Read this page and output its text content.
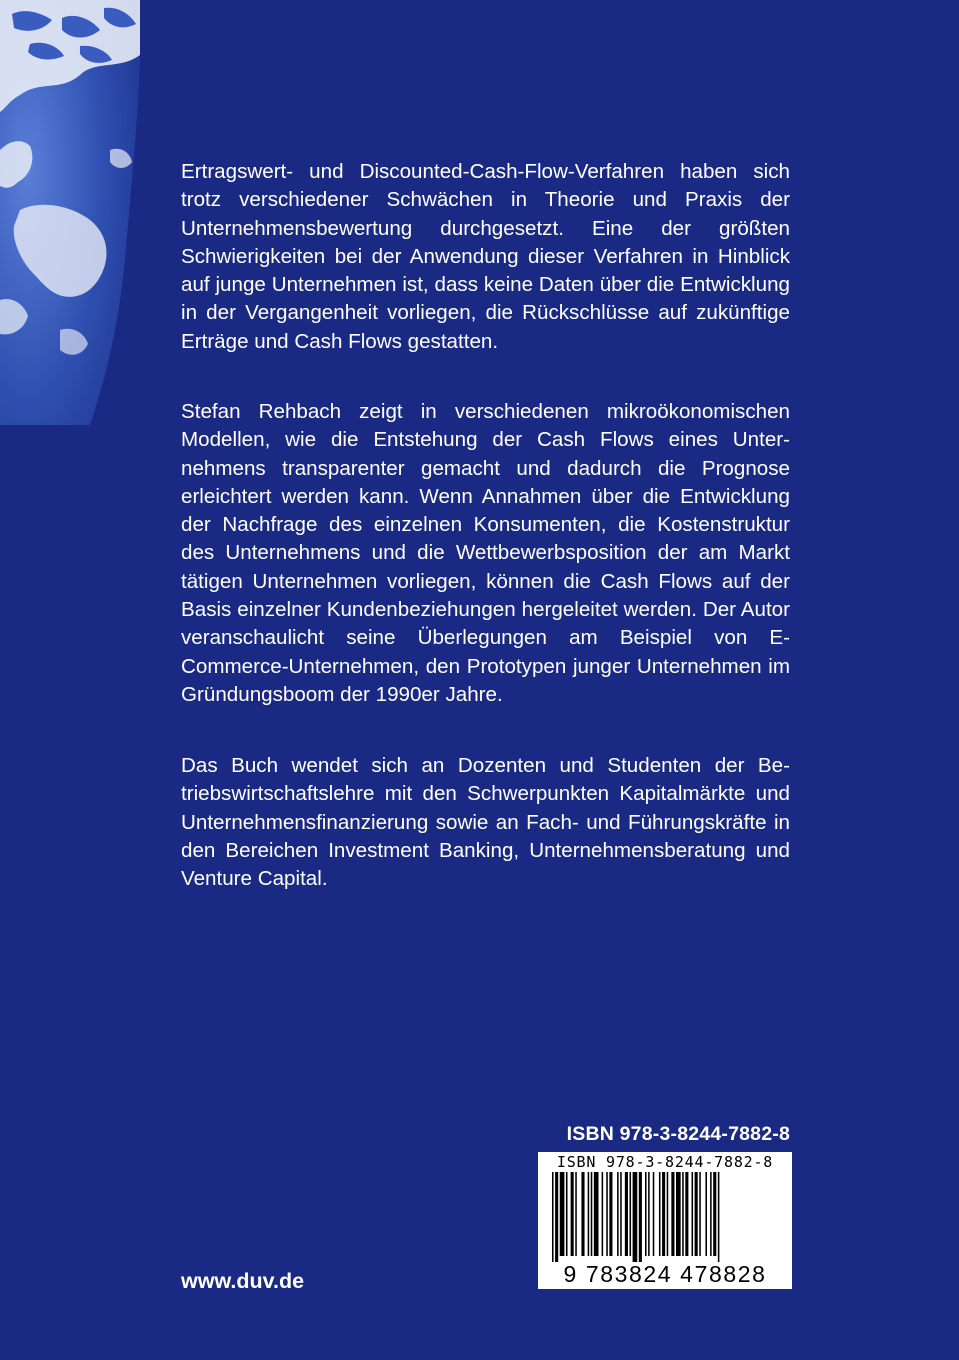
Ertragswert- und Discounted-Cash-Flow-Verfahren haben sich trotz verschiedener Schwächen in Theorie und Praxis der Unternehmensbewertung durchgesetzt. Eine der größten Schwierigkeiten bei der Anwendung dieser Verfahren in Hinblick auf junge Unternehmen ist, dass keine Daten über die Entwicklung in der Vergangenheit vorliegen, die Rückschlüsse auf zukünftige Erträge und Cash Flows gestatten.

Stefan Rehbach zeigt in verschiedenen mikroökonomischen Modellen, wie die Entstehung der Cash Flows eines Unternehmens transparenter gemacht und dadurch die Prognose erleichtert werden kann. Wenn Annahmen über die Entwicklung der Nachfrage des einzelnen Konsumenten, die Kostenstruktur des Unternehmens und die Wettbewerbsposition der am Markt tätigen Unternehmen vorliegen, können die Cash Flows auf der Basis einzelner Kundenbeziehungen hergeleitet werden. Der Autor veranschaulicht seine Überlegungen am Beispiel von E-Commerce-Unternehmen, den Prototypen junger Unternehmen im Gründungsboom der 1990er Jahre.

Das Buch wendet sich an Dozenten und Studenten der Betriebswirtschaftslehre mit den Schwerpunkten Kapitalmärkte und Unternehmensfinanzierung sowie an Fach- und Führungskräfte in den Bereichen Investment Banking, Unternehmensberatung und Venture Capital.

ISBN 978-3-8244-7882-8
ISBN 978-3-8244-7882-8
9 783824 478828
www.duv.de
